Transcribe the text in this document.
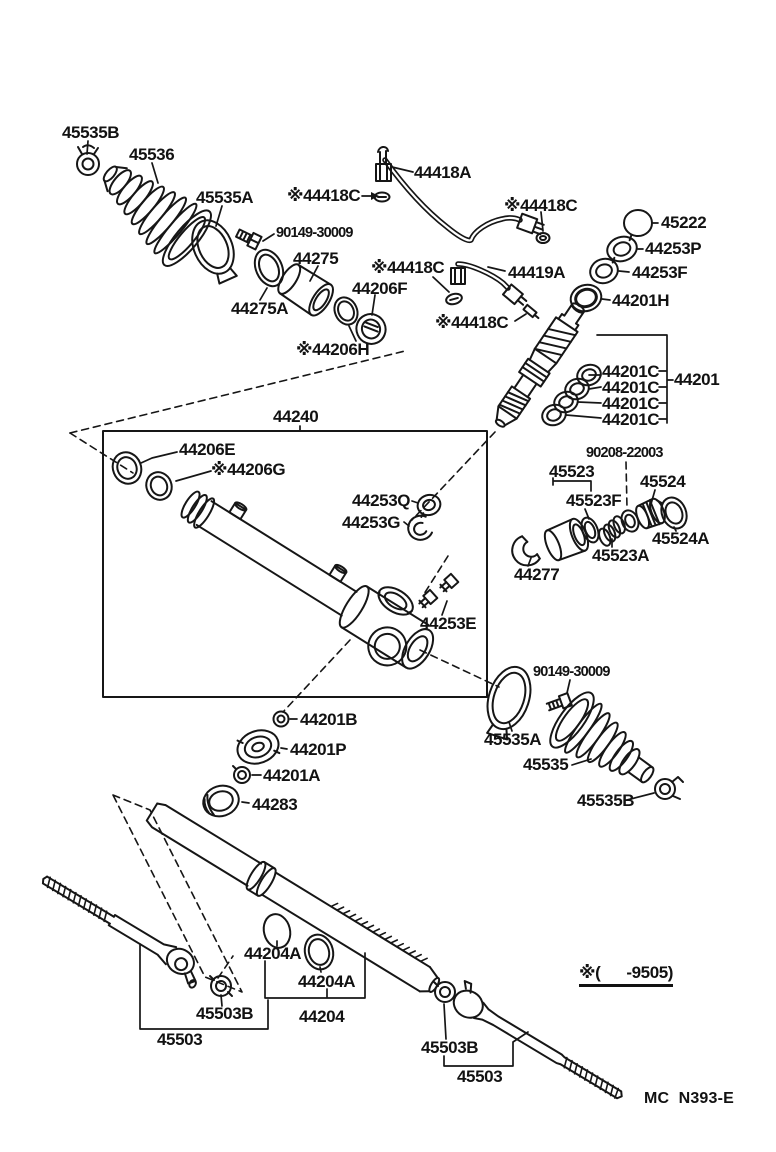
45535B
45536
45535A ※44418C
44418A
※44418C
90149-30009
44275
45222
44253P
※44418C	44419A	44253F
44201H
44275A
44206F
※44418C
※44206H
44201C
44201C
44201C
44201C
44201
44240
44206E
※44206G
90208-22003
45523
45524
45523F
44253Q
44253G
45524A
45523A
44277
44253E
90149-30009
44201B
45535A
44201P
45535
44201A
44283	45535B
44204A
44204A
45503B	44204
45503	45503B
45503
※(      -9505)
MC  N393-E
